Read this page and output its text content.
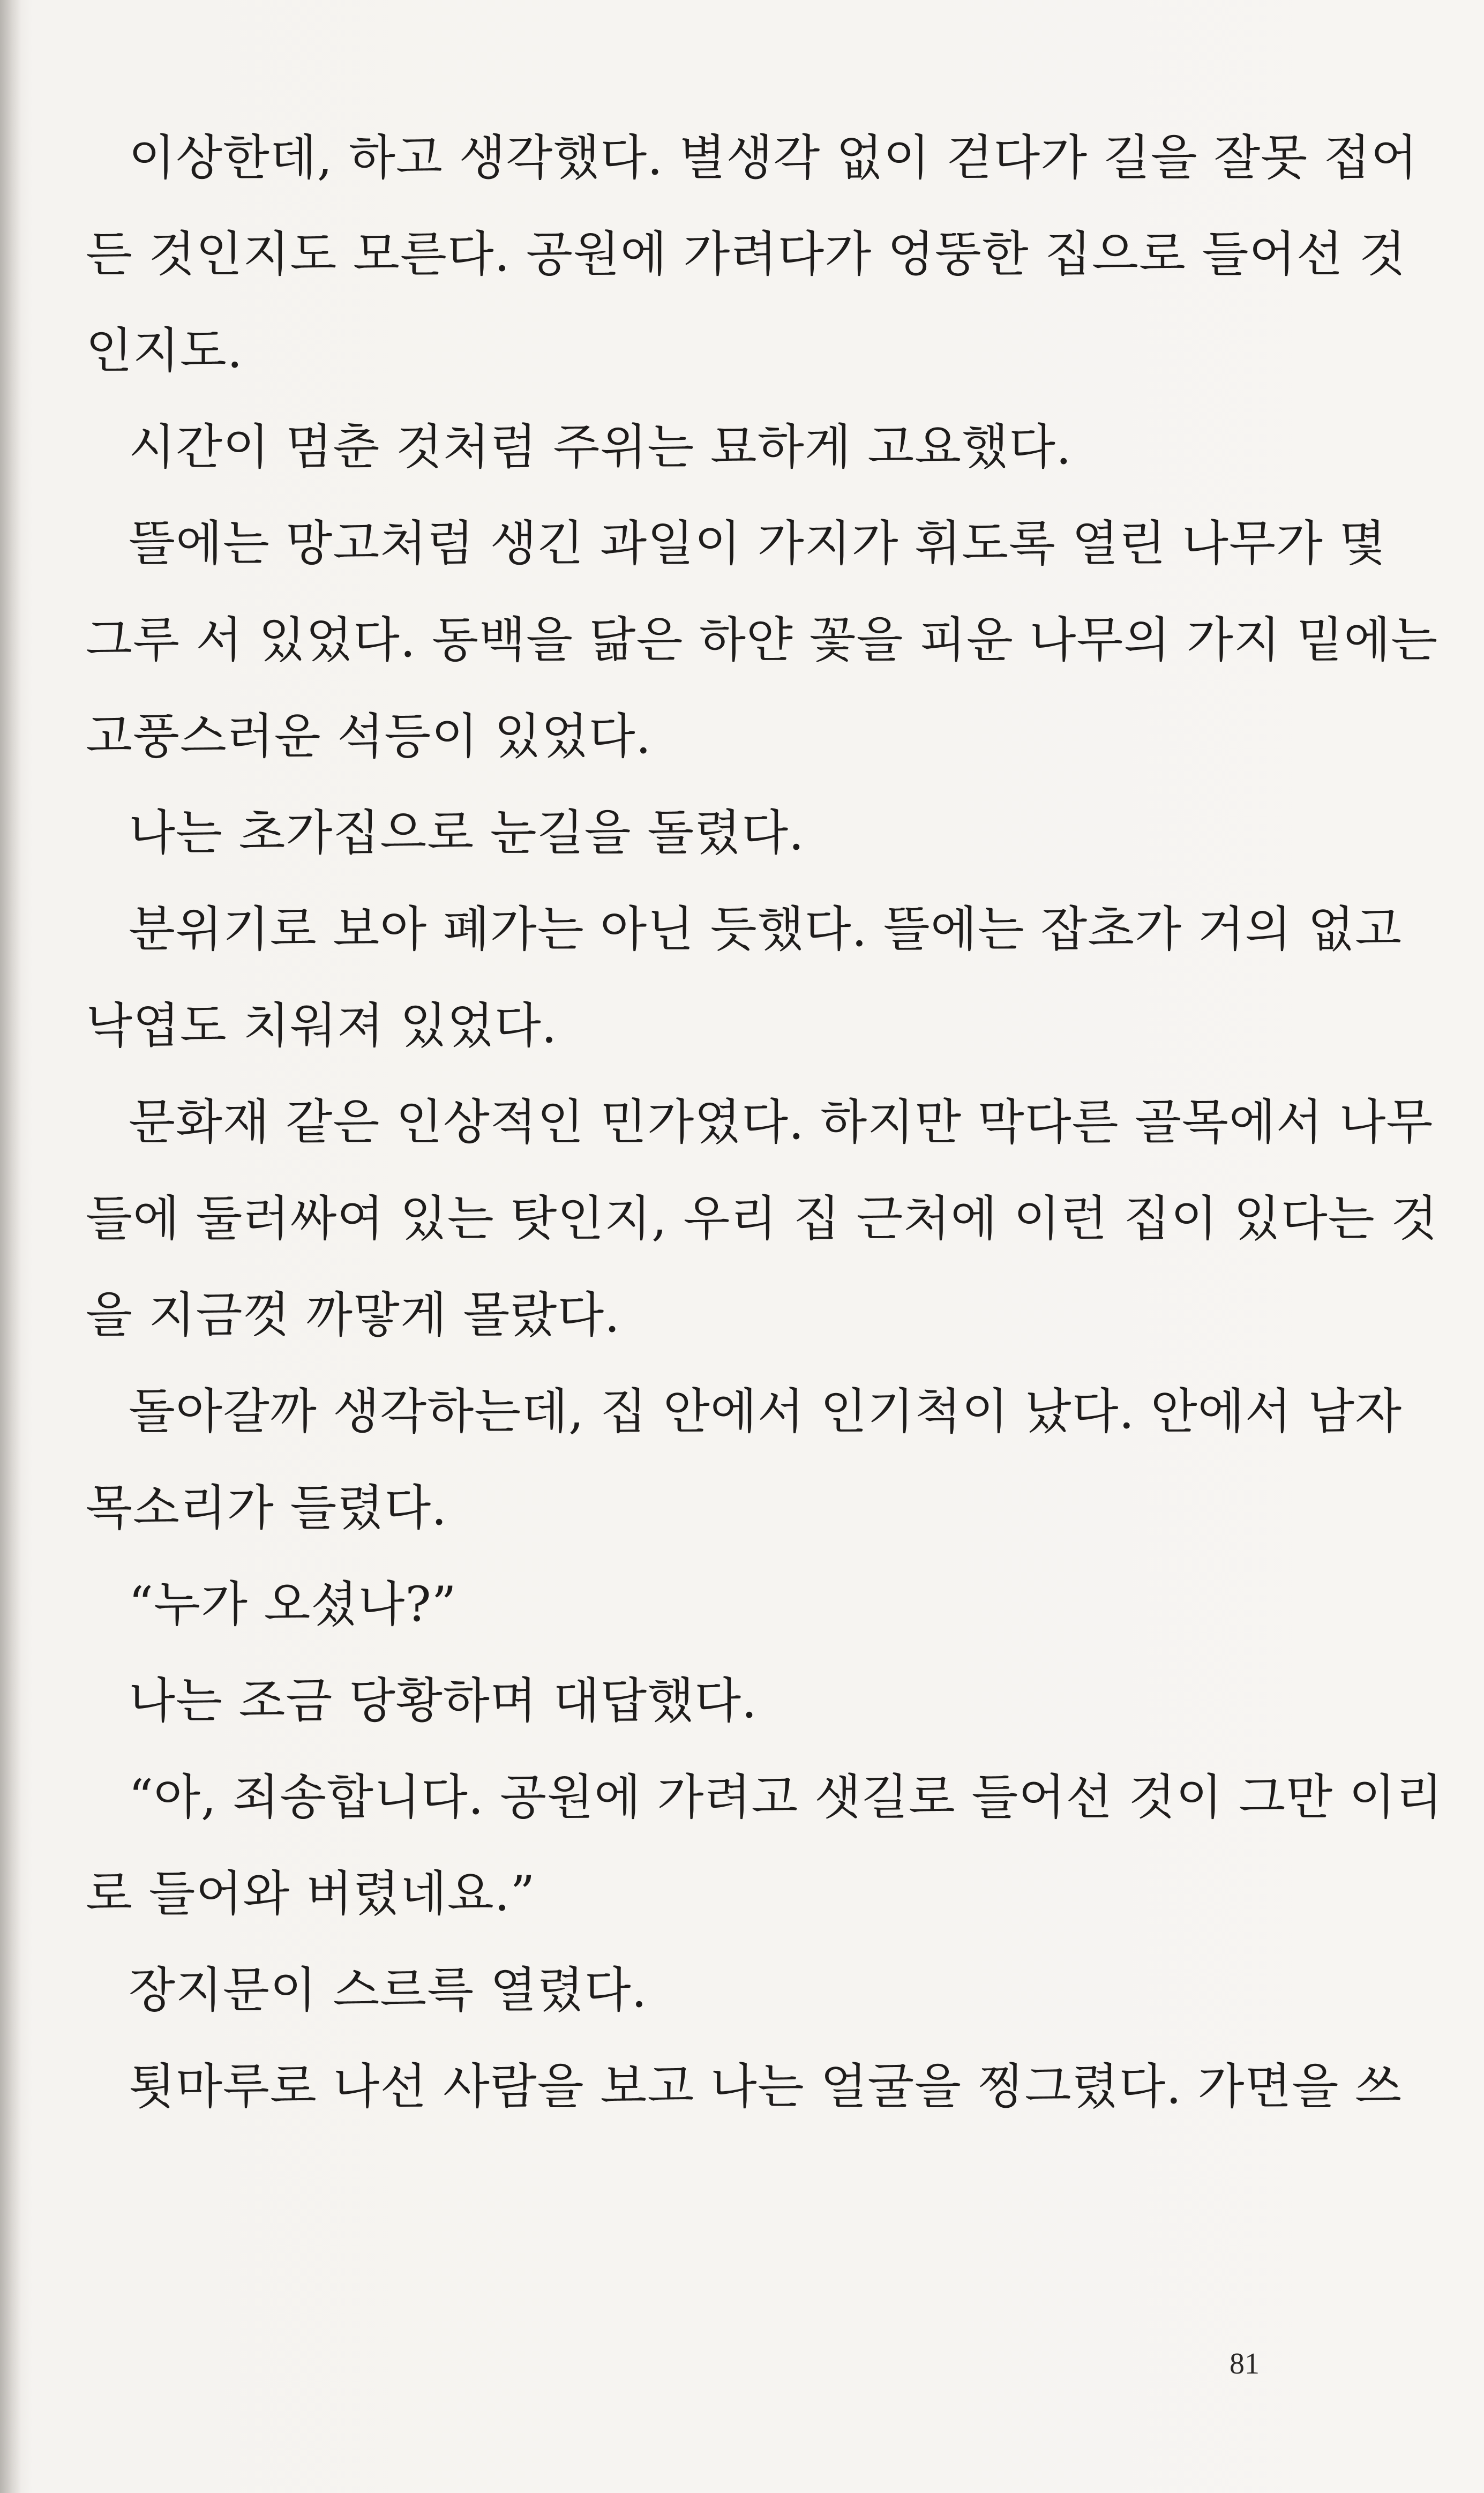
이상한데, 하고 생각했다. 별생각 없이 걷다가 길을 잘못 접어
든 것인지도 모른다. 공원에 가려다가 엉뚱한 집으로 들어선 것
인지도.
시간이 멈춘 것처럼 주위는 묘하게 고요했다.
뜰에는 망고처럼 생긴 과일이 가지가 휘도록 열린 나무가 몇
그루 서 있었다. 동백을 닮은 하얀 꽃을 피운 나무의 가지 밑에는
고풍스러운 석등이 있었다.
나는 초가집으로 눈길을 돌렸다.
분위기로 보아 폐가는 아닌 듯했다. 뜰에는 잡초가 거의 없고
낙엽도 치워져 있었다.
문화재 같은 인상적인 민가였다. 하지만 막다른 골목에서 나무
들에 둘러싸여 있는 탓인지, 우리 집 근처에 이런 집이 있다는 것
을 지금껏 까맣게 몰랐다.
돌아갈까 생각하는데, 집 안에서 인기척이 났다. 안에서 남자
목소리가 들렸다.
“누가 오셨나?”
나는 조금 당황하며 대답했다.
“아, 죄송합니다. 공원에 가려고 샛길로 들어선 것이 그만 이리
로 들어와 버렸네요.”
장지문이 스르륵 열렸다.
툇마루로 나선 사람을 보고 나는 얼굴을 찡그렸다. 가면을 쓰
81
